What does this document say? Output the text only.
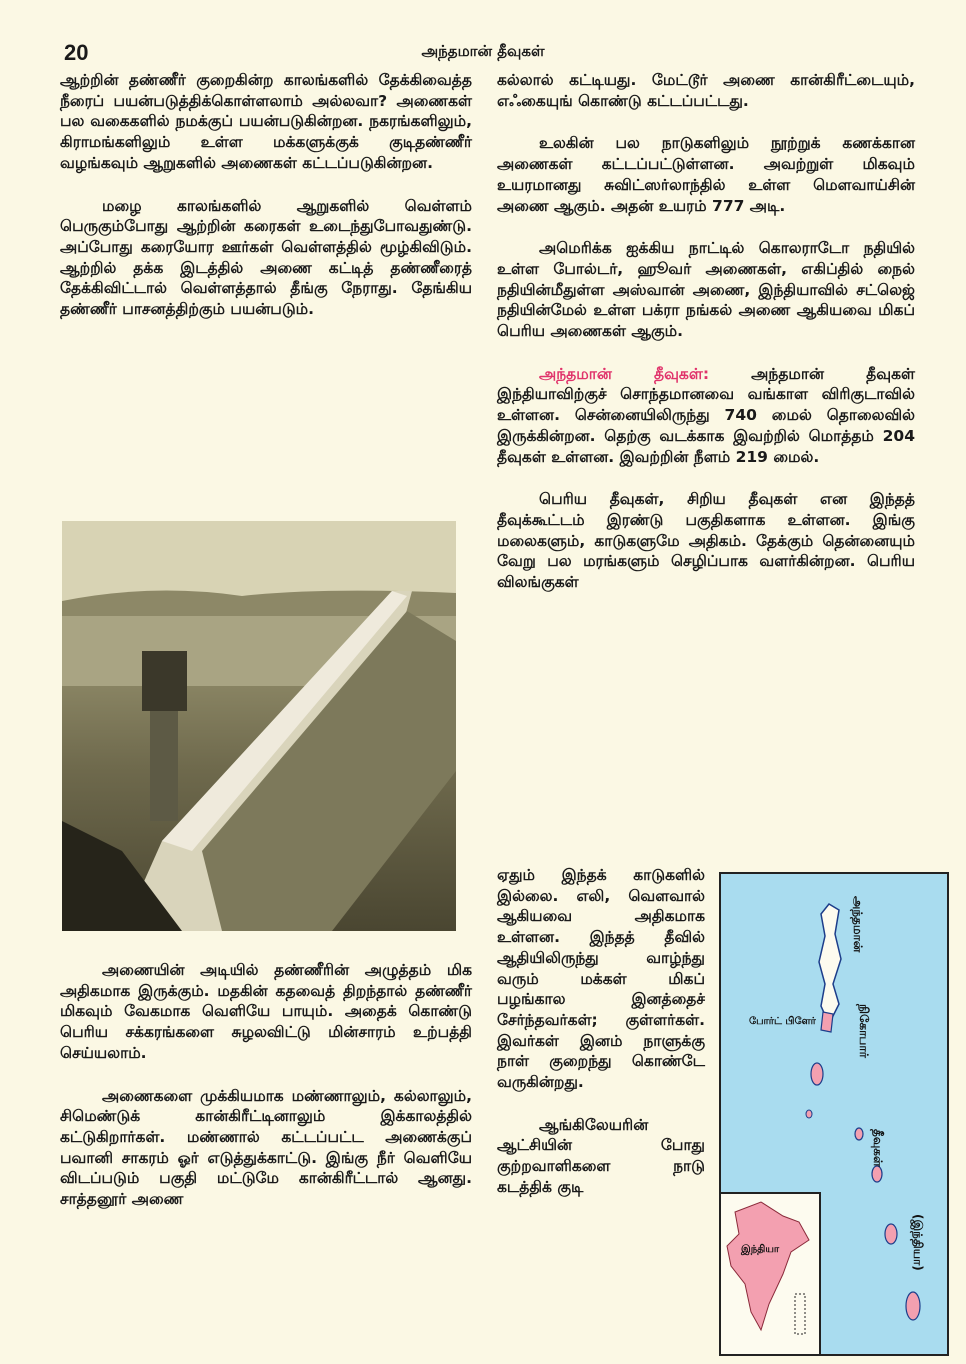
20	அந்தமான் தீவுகள்

ஆற்றின் தண்ணீர் குறைகின்ற காலங்களில் தேக்கிவைத்த நீரைப் பயன்படுத்திக்கொள்ளலாம் அல்லவா? அணைகள் பல வகைகளில் நமக்குப் பயன்படுகின்றன. நகரங்களிலும், கிராமங்களிலும் உள்ள மக்களுக்குக் குடிதண்ணீர் வழங்கவும் ஆறுகளில் அணைகள் கட்டப்படுகின்றன.

மழை காலங்களில் ஆறுகளில் வெள்ளம் பெருகும்போது ஆற்றின் கரைகள் உடைந்துபோவதுண்டு. அப்போது கரையோர ஊர்கள் வெள்ளத்தில் மூழ்கிவிடும். ஆற்றில் தக்க இடத்தில் அணை கட்டித் தண்ணீரைத் தேக்கிவிட்டால் வெள்ளத்தால் தீங்கு நேராது. தேங்கிய தண்ணீர் பாசனத்திற்கும் பயன்படும்.

அணையின் அடியில் தண்ணீரின் அழுத்தம் மிக அதிகமாக இருக்கும். மதகின் கதவைத் திறந்தால் தண்ணீர் மிகவும் வேகமாக வெளியே பாயும். அதைக் கொண்டு பெரிய சக்கரங்களை சுழலவிட்டு மின்சாரம் உற்பத்தி செய்யலாம்.

அணைகளை முக்கியமாக மண்ணாலும், கல்லாலும், சிமெண்டுக் கான்கிரீட்டினாலும் இக்காலத்தில் கட்டுகிறார்கள். மண்ணால் கட்டப்பட்ட அணைக்குப் பவானி சாகரம் ஓர் எடுத்துக்காட்டு. இங்கு நீர் வெளியே விடப்படும் பகுதி மட்டுமே கான்கிரீட்டால் ஆனது. சாத்தனூர் அணை

கல்லால் கட்டியது. மேட்டூர் அணை கான்கிரீட்டையும், எஃகையுங் கொண்டு கட்டப்பட்டது.

உலகின் பல நாடுகளிலும் நூற்றுக் கணக்கான அணைகள் கட்டப்பட்டுள்ளன. அவற்றுள் மிகவும் உயரமானது சுவிட்ஸர்லாந்தில் உள்ள மௌவாய்சின் அணை ஆகும். அதன் உயரம் 777 அடி.

அமெரிக்க ஐக்கிய நாட்டில் கொலராடோ நதியில் உள்ள போல்டர், ஹூவர் அணைகள், எகிப்தில் நைல் நதியின்மீதுள்ள அஸ்வான் அணை, இந்தியாவில் சட்லெஜ் நதியின்மேல் உள்ள பக்ரா நங்கல் அணை ஆகியவை மிகப் பெரிய அணைகள் ஆகும்.

அந்தமான் தீவுகள்: அந்தமான் தீவுகள் இந்தியாவிற்குச் சொந்தமானவை வங்காள விரிகுடாவில் உள்ளன. சென்னையிலிருந்து 740 மைல் தொலைவில் இருக்கின்றன. தெற்கு வடக்காக இவற்றில் மொத்தம் 204 தீவுகள் உள்ளன. இவற்றின் நீளம் 219 மைல்.

பெரிய தீவுகள், சிறிய தீவுகள் என இந்தத் தீவுக்கூட்டம் இரண்டு பகுதிகளாக உள்ளன. இங்கு மலைகளும், காடுகளுமே அதிகம். தேக்கும் தென்னையும் வேறு பல மரங்களும் செழிப்பாக வளர்கின்றன. பெரிய விலங்குகள்

ஏதும் இந்தக் காடுகளில் இல்லை. எலி, வௌவால் ஆகியவை அதிகமாக உள்ளன. இந்தத் தீவில் ஆதியிலிருந்து வாழ்ந்து வரும் மக்கள் மிகப் பழங்கால இனத்தைச் சேர்ந்தவர்கள்; குள்ளர்கள். இவர்கள் இனம் நாளுக்கு நாள் குறைந்து கொண்டே வருகின்றது.

ஆங்கிலேயரின் ஆட்சியின் போது குற்றவாளிகளை நாடு கடத்திக் குடி

அந்தமான்
நிகோபார்
தீவுகள்
(இந்தியா)
போர்ட் பிளேர்
இந்தியா
